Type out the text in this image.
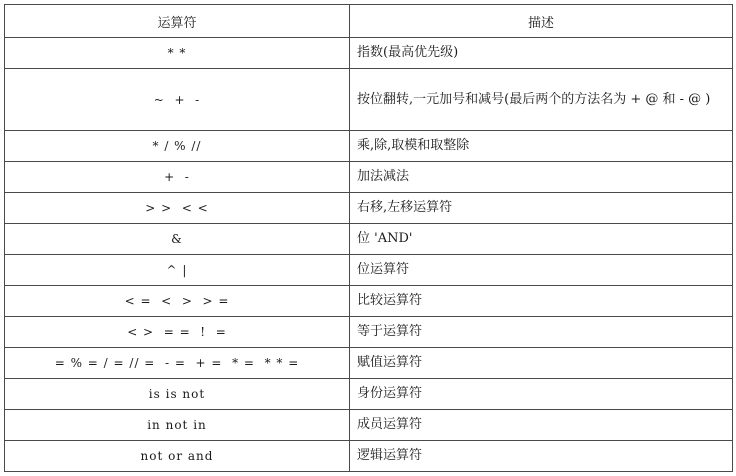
运算符	描述
* *	指数(最高优先级)
~  +  -	按位翻转,一元加号和减号(最后两个的方法名为 + @ 和 - @ )
* / % //	乘,除,取模和取整除
+  -	加法减法
> >  < <	右移,左移运算符
&	位 'AND'
^ |	位运算符
< =  <  >  > =	比较运算符
< >  = =  !  =	等于运算符
= % = / = // =  - =  + =  * =  * * =	赋值运算符
is is not	身份运算符
in not in	成员运算符
not or and	逻辑运算符
